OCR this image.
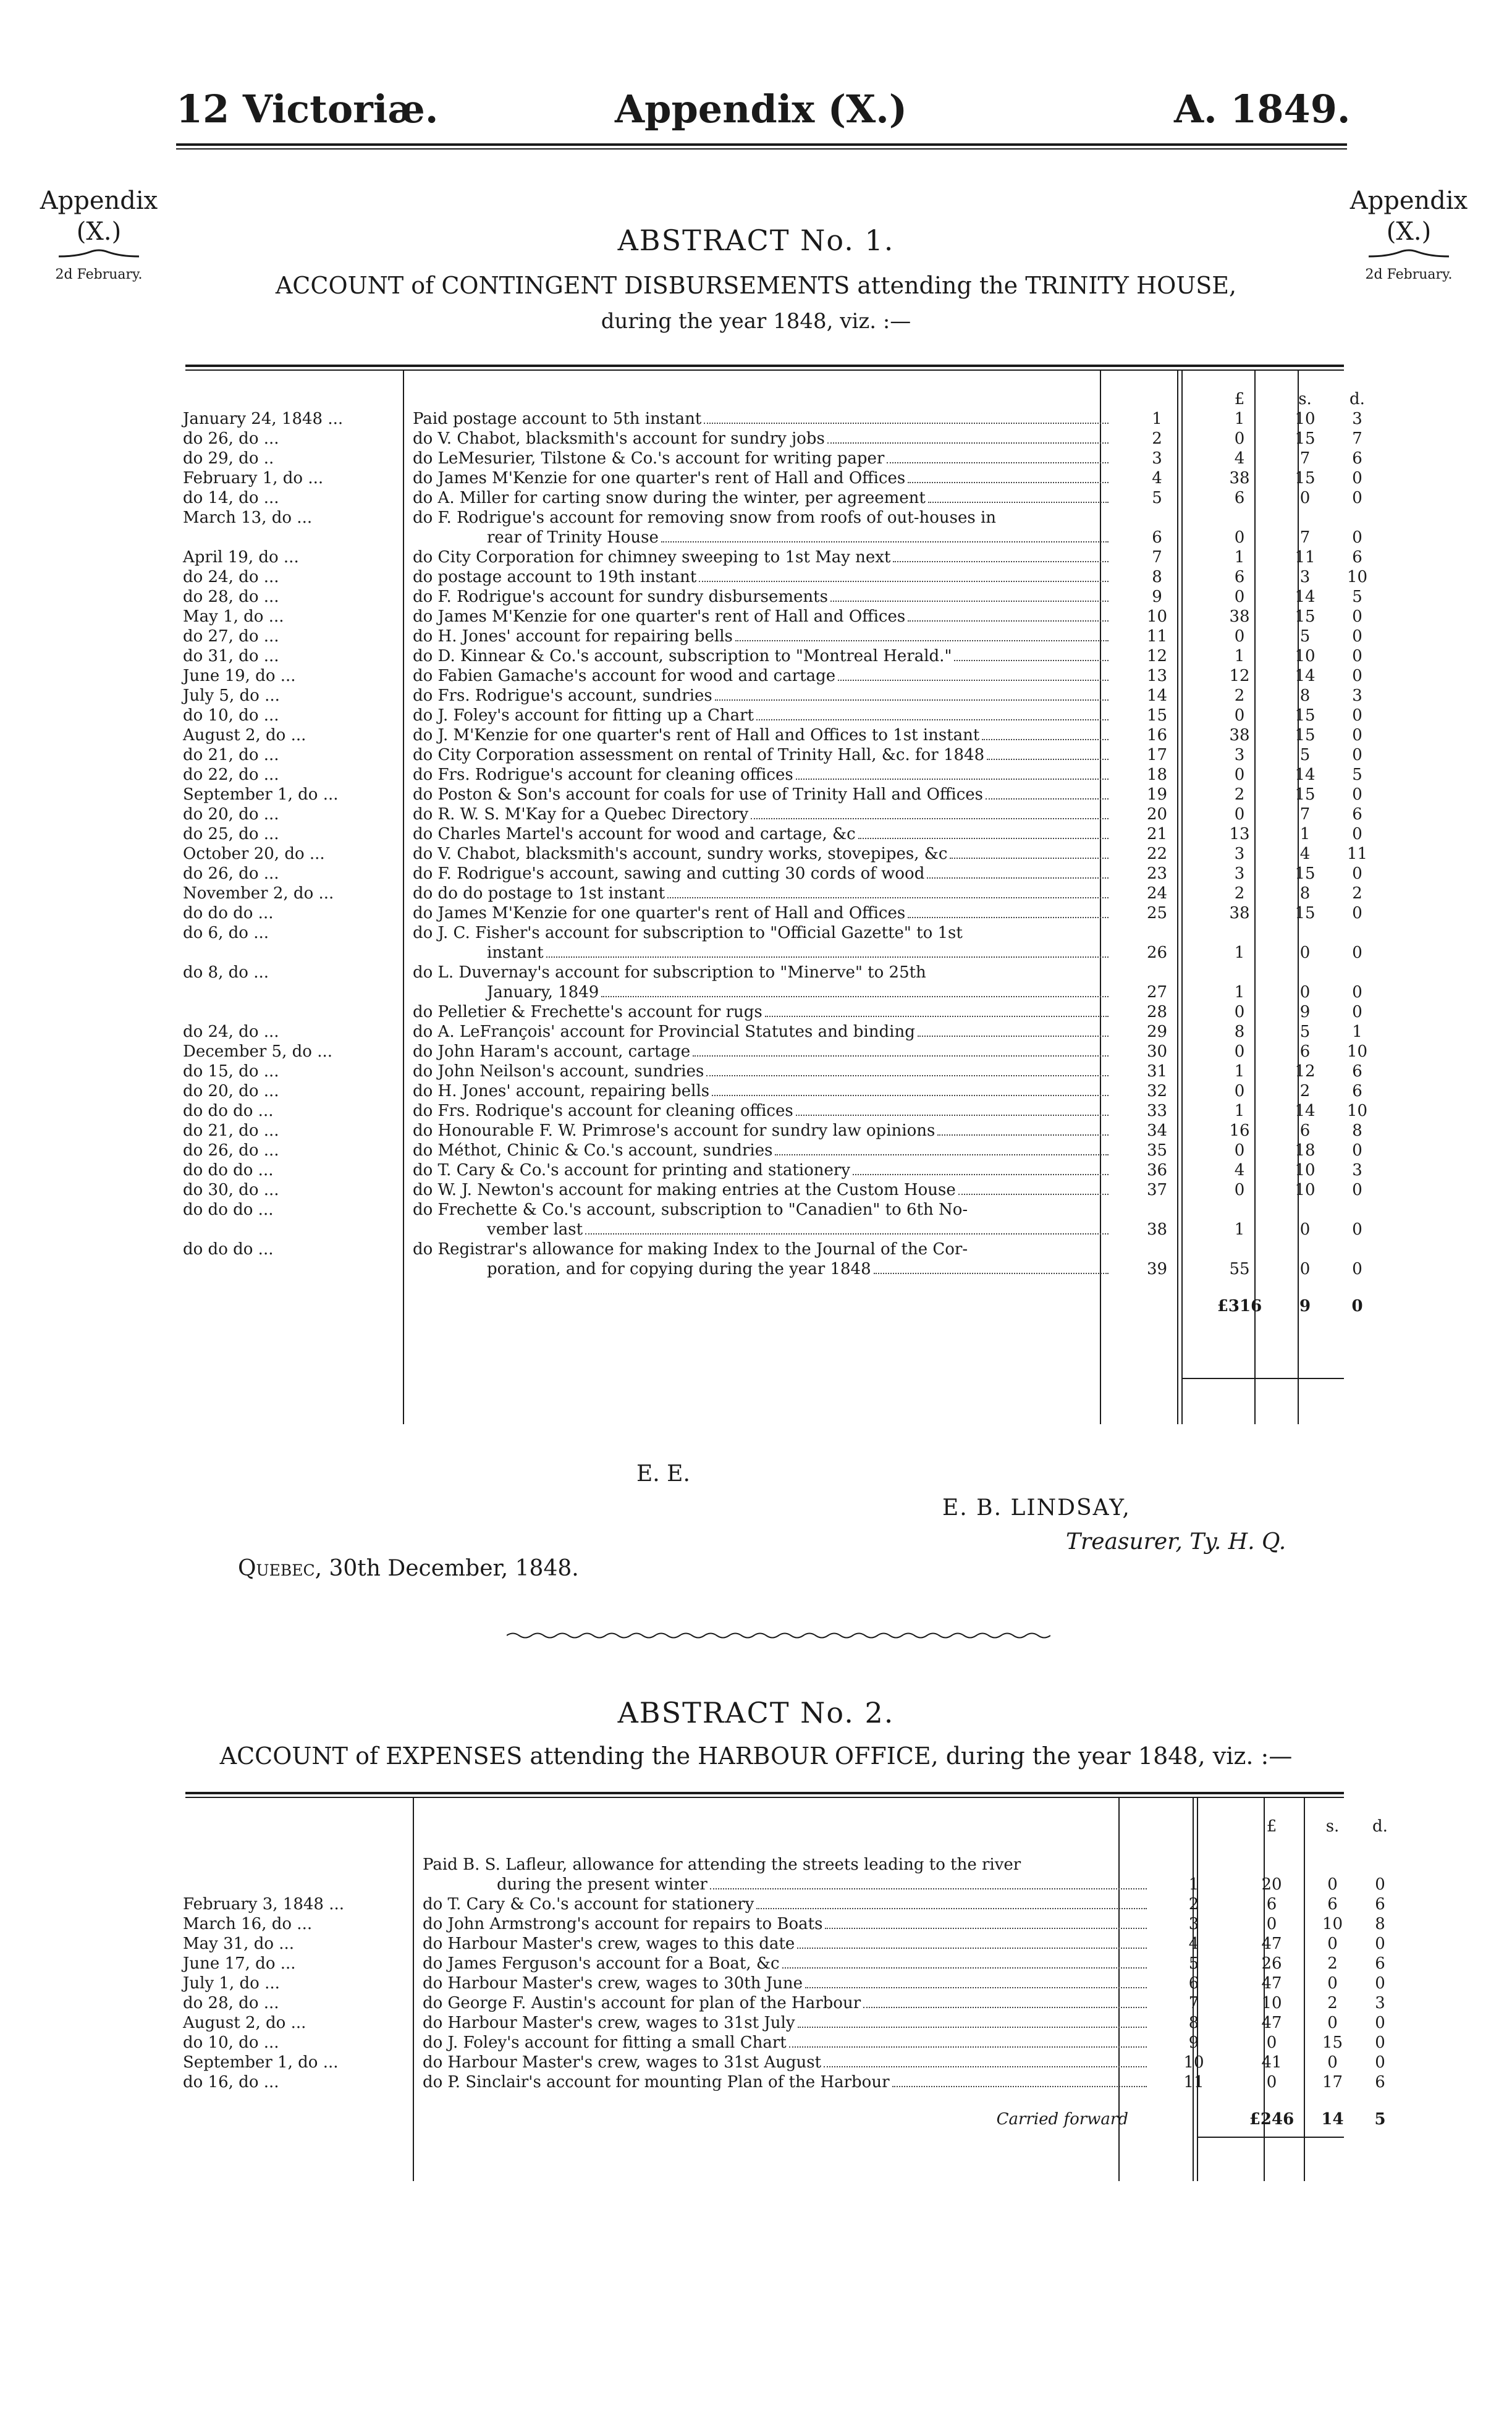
12 Victoriæ.	Appendix (X.)	A. 1849.
Appendix
(X.)
2d February.
Appendix
(X.)
2d February.
ABSTRACT No. 1.
ACCOUNT of CONTINGENT DISBURSEMENTS attending the TRINITY HOUSE,
during the year 1848, viz. :—
			£	s.	d.
January 24, 1848 ...	Paid postage account to 5th instant	1	1	10	3
do 26, do ...	do V. Chabot, blacksmith's account for sundry jobs	2	0	15	7
do 29, do ..	do LeMesurier, Tilstone & Co.'s account for writing paper	3	4	7	6
February 1, do ...	do James M'Kenzie for one quarter's rent of Hall and Offices	4	38	15	0
do 14, do ...	do A. Miller for carting snow during the winter, per agreement	5	6	0	0
March 13, do ...	do F. Rodrigue's account for removing snow from roofs of out-houses in
rear of Trinity House	6	0	7	0
April 19, do ...	do City Corporation for chimney sweeping to 1st May next	7	1	11	6
do 24, do ...	do postage account to 19th instant	8	6	3	10
do 28, do ...	do F. Rodrigue's account for sundry disbursements	9	0	14	5
May 1, do ...	do James M'Kenzie for one quarter's rent of Hall and Offices	10	38	15	0
do 27, do ...	do H. Jones' account for repairing bells	11	0	5	0
do 31, do ...	do D. Kinnear & Co.'s account, subscription to "Montreal Herald."	12	1	10	0
June 19, do ...	do Fabien Gamache's account for wood and cartage	13	12	14	0
July 5, do ...	do Frs. Rodrigue's account, sundries	14	2	8	3
do 10, do ...	do J. Foley's account for fitting up a Chart	15	0	15	0
August 2, do ...	do J. M'Kenzie for one quarter's rent of Hall and Offices to 1st instant	16	38	15	0
do 21, do ...	do City Corporation assessment on rental of Trinity Hall, &c. for 1848	17	3	5	0
do 22, do ...	do Frs. Rodrigue's account for cleaning offices	18	0	14	5
September 1, do ...	do Poston & Son's account for coals for use of Trinity Hall and Offices	19	2	15	0
do 20, do ...	do R. W. S. M'Kay for a Quebec Directory	20	0	7	6
do 25, do ...	do Charles Martel's account for wood and cartage, &c	21	13	1	0
October 20, do ...	do V. Chabot, blacksmith's account, sundry works, stovepipes, &c	22	3	4	11
do 26, do ...	do F. Rodrigue's account, sawing and cutting 30 cords of wood	23	3	15	0
November 2, do ...	do do do postage to 1st instant	24	2	8	2
do do do ...	do James M'Kenzie for one quarter's rent of Hall and Offices	25	38	15	0
do 6, do ...	do J. C. Fisher's account for subscription to "Official Gazette" to 1st
instant	26	1	0	0
do 8, do ...	do L. Duvernay's account for subscription to "Minerve" to 25th
January, 1849	27	1	0	0

	do Pelletier & Frechette's account for rugs	28	0	9	0
do 24, do ...	do A. LeFrançois' account for Provincial Statutes and binding	29	8	5	1
December 5, do ...	do John Haram's account, cartage	30	0	6	10
do 15, do ...	do John Neilson's account, sundries	31	1	12	6
do 20, do ...	do H. Jones' account, repairing bells	32	0	2	6
do do do ...	do Frs. Rodrique's account for cleaning offices	33	1	14	10
do 21, do ...	do Honourable F. W. Primrose's account for sundry law opinions	34	16	6	8
do 26, do ...	do Méthot, Chinic & Co.'s account, sundries	35	0	18	0
do do do ...	do T. Cary & Co.'s account for printing and stationery	36	4	10	3
do 30, do ...	do W. J. Newton's account for making entries at the Custom House	37	0	10	0
do do do ...	do Frechette & Co.'s account, subscription to "Canadien" to 6th No-
vember last	38	1	0	0
do do do ...	do Registrar's allowance for making Index to the Journal of the Cor-
poration, and for copying during the year 1848	39	55	0	0
			£316	9	0
E. E.
E. B. LINDSAY,
Treasurer, Ty. H. Q.
Quebec, 30th December, 1848.
ABSTRACT No. 2.
ACCOUNT of EXPENSES attending the HARBOUR OFFICE, during the year 1848, viz. :—
			£	s.	d.

	Paid B. S. Lafleur, allowance for attending the streets leading to the river
during the present winter	1	20	0	0
February 3, 1848 ...	do T. Cary & Co.'s account for stationery	2	6	6	6
March 16, do ...	do John Armstrong's account for repairs to Boats	3	0	10	8
May 31, do ...	do Harbour Master's crew, wages to this date	4	47	0	0
June 17, do ...	do James Ferguson's account for a Boat, &c	5	26	2	6
July 1, do ...	do Harbour Master's crew, wages to 30th June	6	47	0	0
do 28, do ...	do George F. Austin's account for plan of the Harbour	7	10	2	3
August 2, do ...	do Harbour Master's crew, wages to 31st July	8	47	0	0
do 10, do ...	do J. Foley's account for fitting a small Chart	9	0	15	0
September 1, do ...	do Harbour Master's crew, wages to 31st August	10	41	0	0
do 16, do ...	do P. Sinclair's account for mounting Plan of the Harbour	11	0	17	6
	Carried forward		£246	14	5
